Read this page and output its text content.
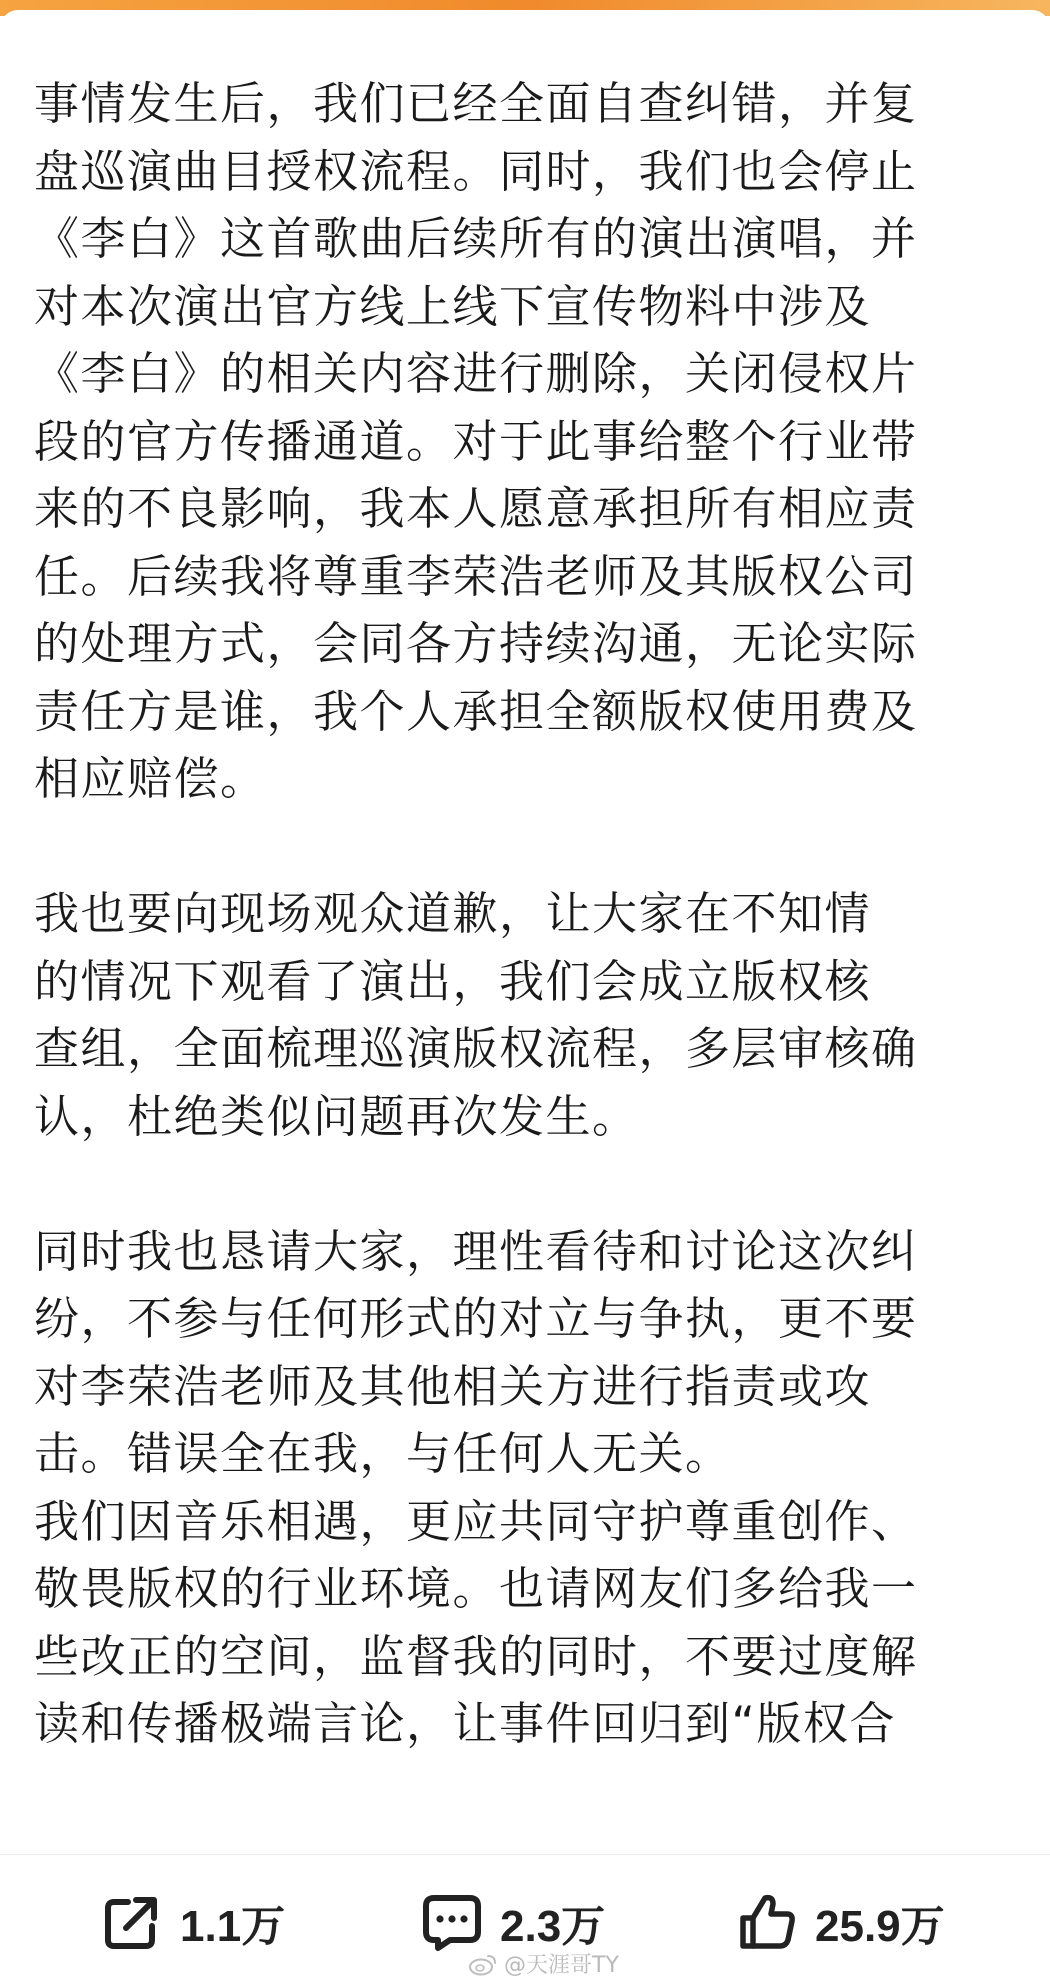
事情发生后，我们已经全面自查纠错，并复
盘巡演曲目授权流程。同时，我们也会停止
《李白》这首歌曲后续所有的演出演唱，并
对本次演出官方线上线下宣传物料中涉及
《李白》的相关内容进行删除，关闭侵权片
段的官方传播通道。对于此事给整个行业带
来的不良影响，我本人愿意承担所有相应责
任。后续我将尊重李荣浩老师及其版权公司
的处理方式，会同各方持续沟通，无论实际
责任方是谁，我个人承担全额版权使用费及
相应赔偿。
我也要向现场观众道歉，让大家在不知情
的情况下观看了演出，我们会成立版权核
查组，全面梳理巡演版权流程，多层审核确
认，杜绝类似问题再次发生。
同时我也恳请大家，理性看待和讨论这次纠
纷，不参与任何形式的对立与争执，更不要
对李荣浩老师及其他相关方进行指责或攻
击。错误全在我，与任何人无关。
我们因音乐相遇，更应共同守护尊重创作、
敬畏版权的行业环境。也请网友们多给我一
些改正的空间，监督我的同时，不要过度解
读和传播极端言论，让事件回归到“版权合
1.1万	2.3万	25.9万
@天涯哥TY
